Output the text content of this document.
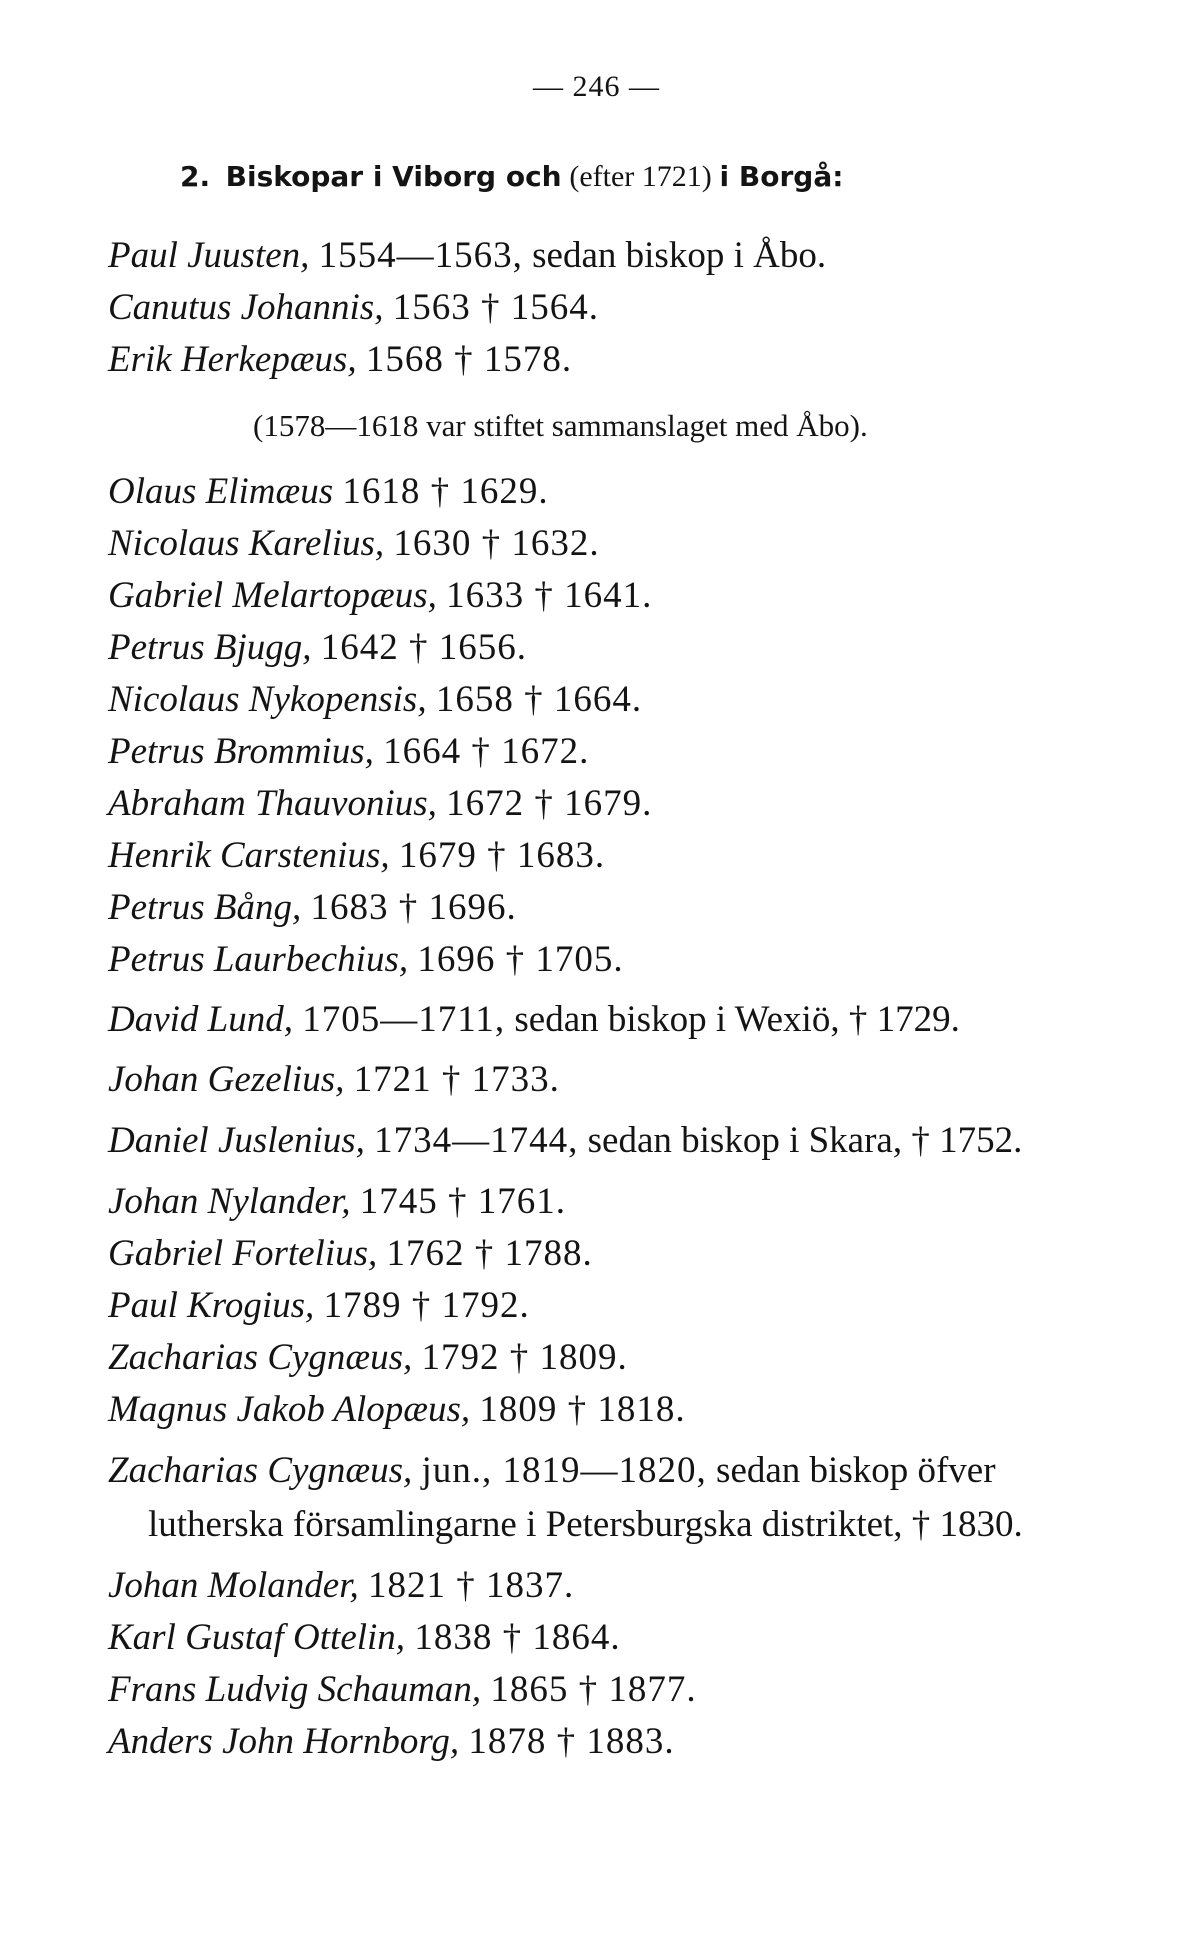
— 246 —
2. Biskopar i Viborg och (efter 1721) i Borgå:
Paul Juusten, 1554—1563, sedan biskop i Åbo.
Canutus Johannis, 1563 † 1564.
Erik Herkepæus, 1568 † 1578.
(1578—1618 var stiftet sammanslaget med Åbo).
Olaus Elimæus 1618 † 1629.
Nicolaus Karelius, 1630 † 1632.
Gabriel Melartopæus, 1633 † 1641.
Petrus Bjugg, 1642 † 1656.
Nicolaus Nykopensis, 1658 † 1664.
Petrus Brommius, 1664 † 1672.
Abraham Thauvonius, 1672 † 1679.
Henrik Carstenius, 1679 † 1683.
Petrus Bång, 1683 † 1696.
Petrus Laurbechius, 1696 † 1705.
David Lund, 1705—1711, sedan biskop i Wexiö, † 1729.
Johan Gezelius, 1721 † 1733.
Daniel Juslenius, 1734—1744, sedan biskop i Skara, † 1752.
Johan Nylander, 1745 † 1761.
Gabriel Fortelius, 1762 † 1788.
Paul Krogius, 1789 † 1792.
Zacharias Cygnæus, 1792 † 1809.
Magnus Jakob Alopæus, 1809 † 1818.
Zacharias Cygnæus, jun., 1819—1820, sedan biskop öfver lutherska församlingarne i Petersburgska distriktet, † 1830.
Johan Molander, 1821 † 1837.
Karl Gustaf Ottelin, 1838 † 1864.
Frans Ludvig Schauman, 1865 † 1877.
Anders John Hornborg, 1878 † 1883.
